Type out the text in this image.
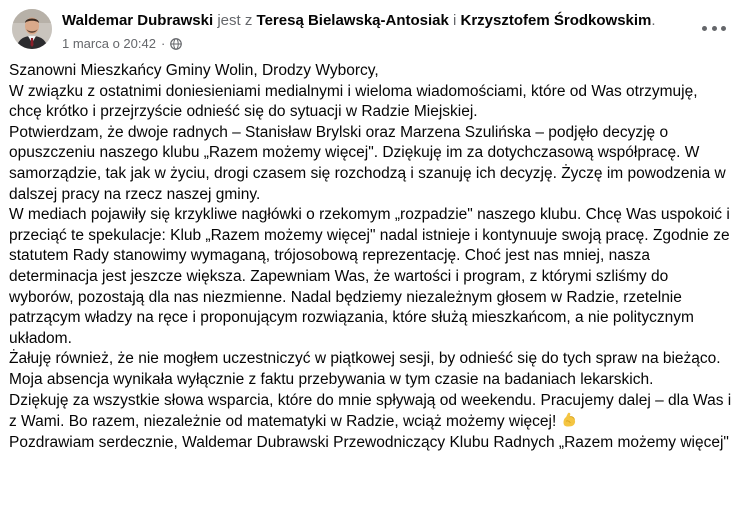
Waldemar Dubrawski jest z Teresą Bielawską-Antosiak i Krzysztofem Środkowskim.
1 marca o 20:42 ·

Szanowni Mieszkańcy Gminy Wolin, Drodzy Wyborcy,

W związku z ostatnimi doniesieniami medialnymi i wieloma wiadomościami, które od Was otrzymuję, chcę krótko i przejrzyście odnieść się do sytuacji w Radzie Miejskiej.

Potwierdzam, że dwoje radnych – Stanisław Brylski oraz Marzena Szulińska – podjęło decyzję o opuszczeniu naszego klubu „Razem możemy więcej". Dziękuję im za dotychczasową współpracę. W samorządzie, tak jak w życiu, drogi czasem się rozchodzą i szanuję ich decyzję. Życzę im powodzenia w dalszej pracy na rzecz naszej gminy.

W mediach pojawiły się krzykliwe nagłówki o rzekomym „rozpadzie" naszego klubu. Chcę Was uspokoić i przeciąć te spekulacje: Klub „Razem możemy więcej" nadal istnieje i kontynuuje swoją pracę. Zgodnie ze statutem Rady stanowimy wymaganą, trójosobową reprezentację. Choć jest nas mniej, nasza determinacja jest jeszcze większa. Zapewniam Was, że wartości i program, z którymi szliśmy do wyborów, pozostają dla nas niezmienne. Nadal będziemy niezależnym głosem w Radzie, rzetelnie patrzącym władzy na ręce i proponującym rozwiązania, które służą mieszkańcom, a nie politycznym układom.

Żałuję również, że nie mogłem uczestniczyć w piątkowej sesji, by odnieść się do tych spraw na bieżąco. Moja absencja wynikała wyłącznie z faktu przebywania w tym czasie na badaniach lekarskich.

Dziękuję za wszystkie słowa wsparcia, które do mnie spływają od weekendu. Pracujemy dalej – dla Was i z Wami. Bo razem, niezależnie od matematyki w Radzie, wciąż możemy więcej!

Pozdrawiam serdecznie, Waldemar Dubrawski Przewodniczący Klubu Radnych „Razem możemy więcej"
